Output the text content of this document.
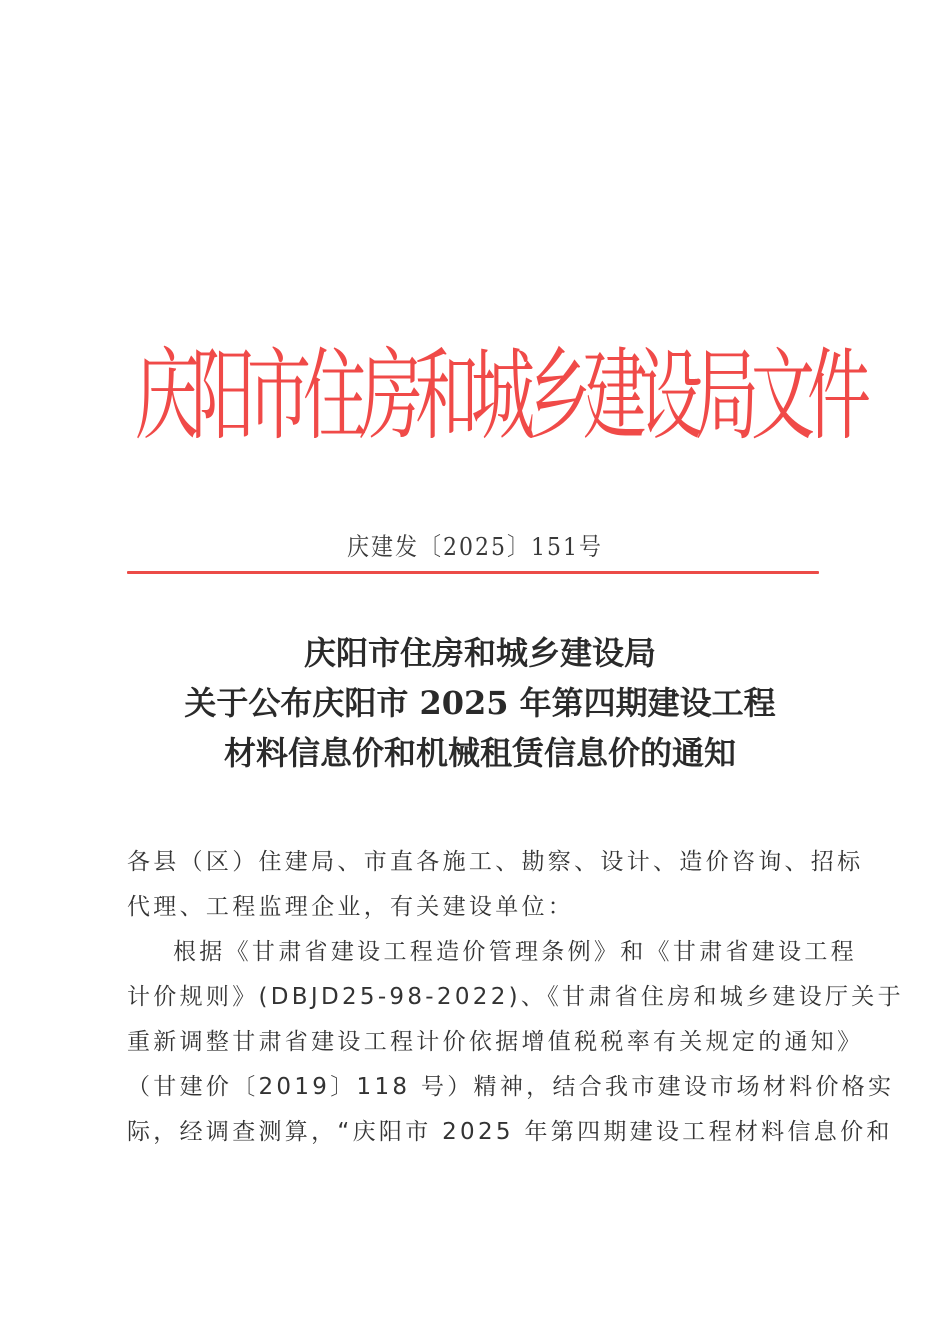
庆
阳
市
住
房
和
城
乡
建
设
局
文
件
庆建发〔2025〕151号
庆阳市住房和城乡建设局
关于公布庆阳市 2025 年第四期建设工程
材料信息价和机械租赁信息价的通知
各县（区）住建局、市直各施工、勘察、设计、造价咨询、招标
代理、工程监理企业，有关建设单位：
根据《甘肃省建设工程造价管理条例》和《甘肃省建设工程
计价规则》(DBJD25-98-2022)、《甘肃省住房和城乡建设厅关于
重新调整甘肃省建设工程计价依据增值税税率有关规定的通知》
（甘建价〔2019〕118 号）精神，结合我市建设市场材料价格实
际，经调查测算，“庆阳市 2025 年第四期建设工程材料信息价和
